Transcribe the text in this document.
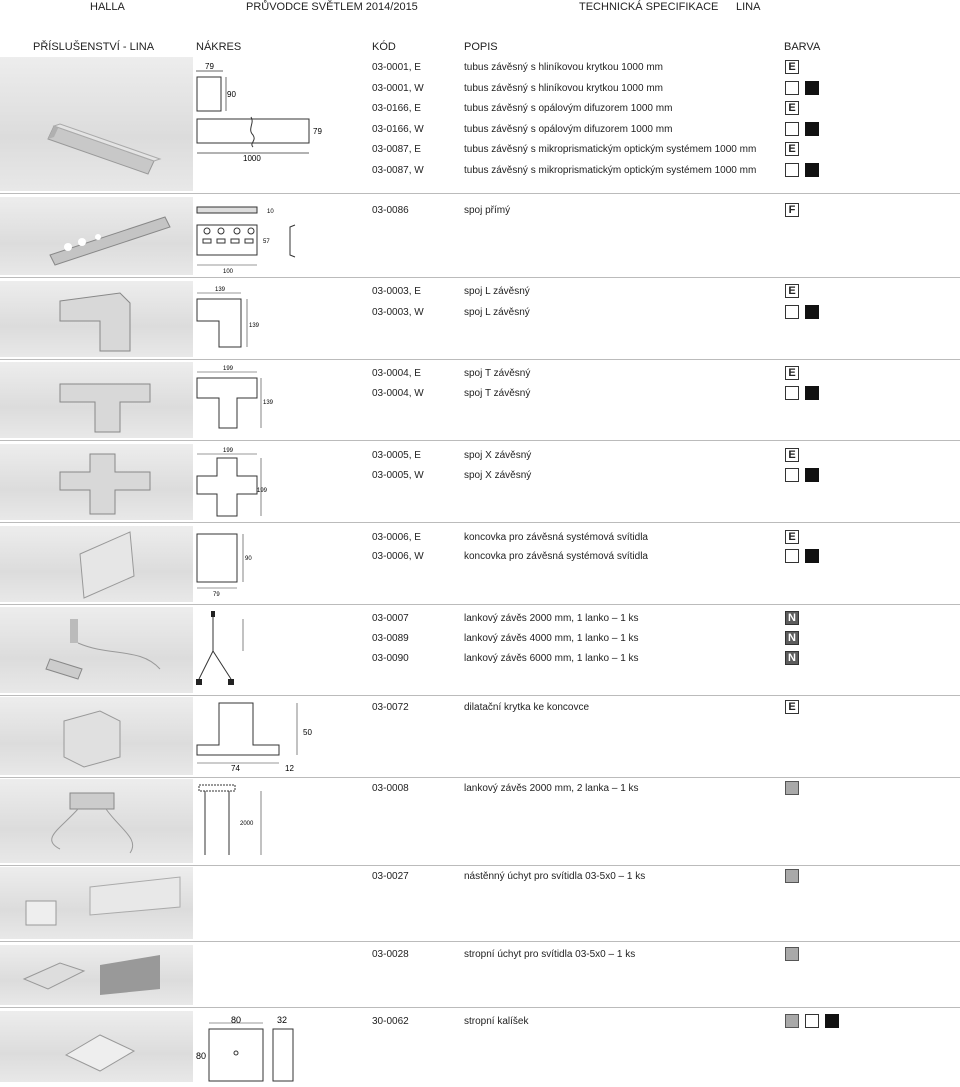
HALLA	PRŮVODCE SVĚTLEM 2014/2015	TECHNICKÁ SPECIFIKACE LINA
PŘÍSLUŠENSTVÍ - LINA	NÁKRES	KÓD	POPIS	BARVA
79
90
79
1000
10
57
100
139
139
199
139
199
199
90
79
50
74	12
2000
80	32
80
03-0001, E	tubus závěsný s hliníkovou krytkou 1000 mm	E
03-0001, W	tubus závěsný s hliníkovou krytkou 1000 mm
03-0166, E	tubus závěsný s opálovým difuzorem 1000 mm	E
03-0166, W	tubus závěsný s opálovým difuzorem 1000 mm
03-0087, E	tubus závěsný s mikroprismatickým optickým systémem 1000 mm	E
03-0087, W	tubus závěsný s mikroprismatickým optickým systémem 1000 mm
03-0086	spoj přímý	F
03-0003, E	spoj L závěsný	E
03-0003, W	spoj L závěsný
03-0004, E	spoj T závěsný	E
03-0004, W	spoj T závěsný
03-0005, E	spoj X závěsný	E
03-0005, W	spoj X závěsný
03-0006, E	koncovka pro závěsná systémová svítidla	E
03-0006, W	koncovka pro závěsná systémová svítidla
03-0007	lankový závěs 2000 mm, 1 lanko – 1 ks	N
03-0089	lankový závěs 4000 mm, 1 lanko – 1 ks	N
03-0090	lankový závěs 6000 mm, 1 lanko – 1 ks	N
03-0072	dilatační krytka ke koncovce	E
03-0008	lankový závěs 2000 mm, 2 lanka – 1 ks
03-0027	nástěnný úchyt pro svítidla 03-5x0 – 1 ks
03-0028	stropní úchyt pro svítidla 03-5x0 – 1 ks
30-0062	stropní kalíšek
